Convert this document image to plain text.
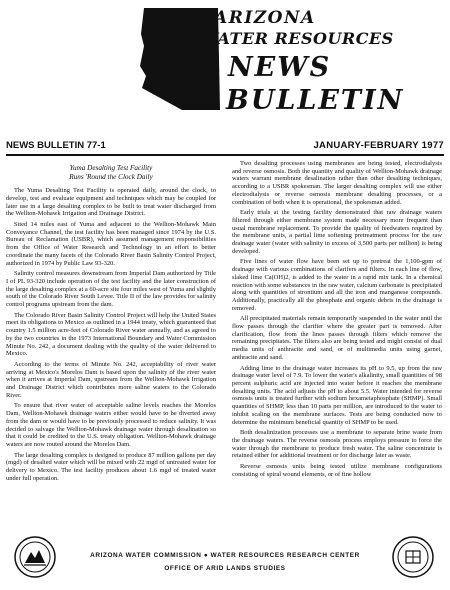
ARIZONA
WATER RESOURCES
NEWS
BULLETIN
NEWS BULLETIN 77-1	JANUARY-FEBRUARY 1977
Yuma Desalting Test Facility
Runs 'Round the Clock Daily

The Yuma Desalting Test Facility is operated daily, around the clock, to develop, test and evaluate equipment and techniques which may be coupled for later use in a large desalting complex to be built to treat water discharged from the Wellton-Mohawk Irrigation and Drainage District.

Sited 14 miles east of Yuma and adjacent to the Wellton-Mohawk Main Conveyance Channel, the test facility has been managed since 1974 by the U.S. Bureau of Reclamation (USBR), which assumed management responsibilities from the Office of Water Research and Technology in an effort to better coordinate the many facets of the Colorado River Basin Salinity Control Project, authorized in 1974 by Public Law 93-320.

Salinity control measures downstream from Imperial Dam authorized by Title I of PL 93-320 include operation of the test facility and the later construction of the large desalting complex at a 60-acre site four miles west of Yuma and slightly south of the Colorado River South Levee. Title II of the law provides for salinity control programs upstream from the dam.

The Colorado River Basin Salinity Control Project will help the United States meet its obligations to Mexico as outlined in a 1944 treaty, which guaranteed that country 1.5 million acre-feet of Colorado River water annually, and as agreed to by the two countries in the 1973 International Boundary and Water Commission Minute No. 242, a document dealing with the quality of the water delivered to Mexico.

According to the terms of Minute No. 242, acceptability of river water arriving at Mexico's Morelos Dam is based upon the salinity of the river water when it arrives at Imperial Dam, upstream from the Wellton-Mohawk Irrigation and Drainage District which contributes more saline waters to the Colorado River.

To ensure that river water of acceptable saline levels reaches the Morelos Dam, Wellton-Mohawk drainage waters either would have to be diverted away from the dam or would have to be previously processed to reduce salinity. It was decided to salvage the Wellton-Mohawk drainage water through desalination so that it could be credited to the U.S. treaty obligation. Wellton-Mohawk drainage waters are now routed around the Morelos Dam.

The large desalting complex is designed to produce 87 million gallons per day (mgd) of desalted water which will be mixed with 22 mgd of untreated water for delivery to Mexico. The test facility produces about 1.6 mgd of treated water under full operation.

Two desalting processes using membranes are being tested, electrodialysis and reverse osmosis. Both the quantity and quality of Wellton-Mohawk drainage waters warrant membrane desalination rather than other desalting techniques, according to a USBR spokesman. The larger desalting complex will use either electrodialysis or reverse osmosis membrane desalting processes, or a combination of both when it is operational, the spokesman added.

Early trials at the testing facility demonstrated that raw drainage waters filtered through either membrane system made necessary more frequent than usual membrane replacement. To provide the quality of feedwaters required by the membrane units, a partial lime softening pretreatment process for the raw drainage water (water with salinity in excess of 3,500 parts per million) is being developed.

Five lines of water flow have been set up to pretreat the 1,100-gpm of drainage with various combinations of clarifers and filters. In each line of flow, slaked lime Ca(OH)2, is added to the water in a rapid mix tank. In a chemical reaction with some substances in the raw water, calcium carbonate is precipitated along with quantities of strontium and all the iron and manganese compounds. Additionally, practically all the phosphate and organic debris in the drainage is removed.

All precipitated materials remain temporarily suspended in the water until the flow passes through the clarifier where the greater part is removed. After clarification, flow from the lines passes through filters which remove the remaining precipitates. The filters also are being tested and might consist of dual media units of anthracite and sand, or of multimedia units using garnet, anthracite and sand.

Adding lime to the drainage water increases its pH to 9.5, up from the raw drainage water level of 7.9. To lower the water's alkalinity, small quantities of 98 percent sulphuric acid are injected into water before it reaches the membrane desalting units. The acid adjusts the pH to about 5.5. Water intended for reverse osmosis units is treated further with sodium hexametaphosphate (SHMP). Small quantities of SHMP, less than 10 parts per million, are introduced to the water to inhibit scaling on the membrane surfaces. Tests are being conducted now to determine the minimum beneficial quantity of SHMP to be used.

Both desalinization processes use a membrane to separate brine waste from the drainage waters. The reverse osmosis process employs pressure to force the water through the membrane to produce fresh water. The saline concentrate is retained either for additional treatment or for discharge later as waste.

Reverse osmosis units being tested utilize membrane configurations consisting of spiral wound elements, or of fine hollow

ARIZONA WATER COMMISSION ● WATER RESOURCES RESEARCH CENTER
OFFICE OF ARID LANDS STUDIES
